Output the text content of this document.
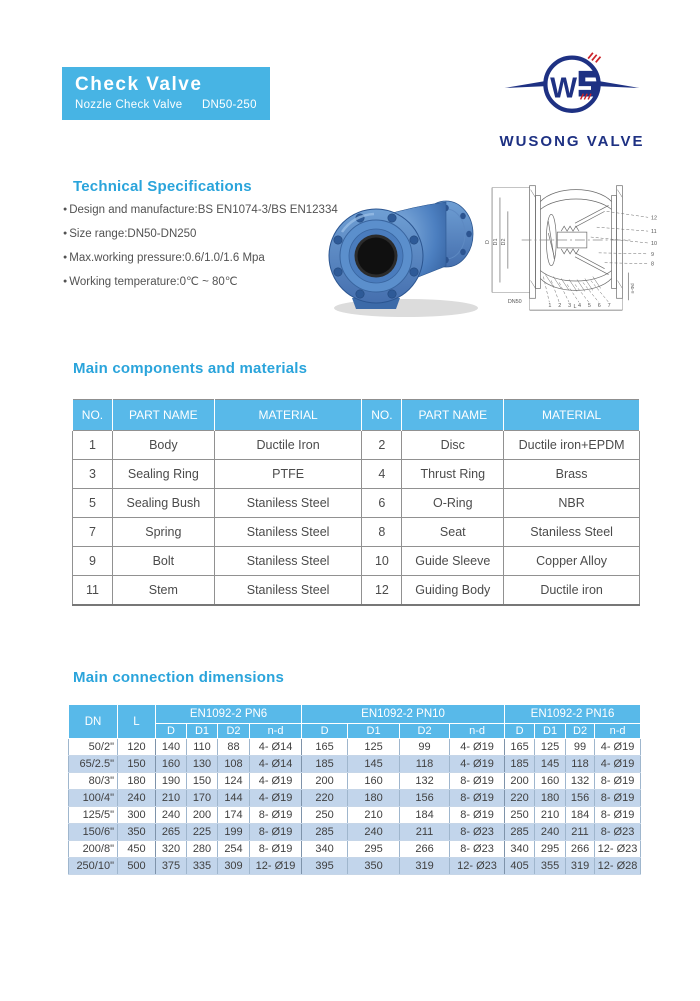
Check Valve
Nozzle Check Valve DN50-250
W
WUSONG VALVE
Technical Specifications
● Design and manufacture:BS EN1074-3/BS EN12334
● Size range:DN50-DN250
● Max.working pressure:0.6/1.0/1.6 Mpa
● Working temperature:0℃ ~ 80℃
D D1 D2
DN50
L
n-Φd
12
11
10
9
8
1 2 3 4 5 6 7
Main components and materials
NO.	PART NAME	MATERIAL	NO.	PART NAME	MATERIAL
1	Body	Ductile Iron	2	Disc	Ductile iron+EPDM
3	Sealing Ring	PTFE	4	Thrust Ring	Brass
5	Sealing Bush	Staniless Steel	6	O-Ring	NBR
7	Spring	Staniless Steel	8	Seat	Staniless Steel
9	Bolt	Staniless Steel	10	Guide Sleeve	Copper Alloy
11	Stem	Staniless Steel	12	Guiding Body	Ductile iron
Main connection dimensions
DN	L	EN1092-2 PN6				EN1092-2 PN10				EN1092-2 PN16			
		D	D1	D2	n-d	D	D1	D2	n-d	D	D1	D2	n-d
50/2"	120	140	110	88	4- Ø14	165	125	99	4- Ø19	165	125	99	4- Ø19
65/2.5"	150	160	130	108	4- Ø14	185	145	118	4- Ø19	185	145	118	4- Ø19
80/3"	180	190	150	124	4- Ø19	200	160	132	8- Ø19	200	160	132	8- Ø19
100/4"	240	210	170	144	4- Ø19	220	180	156	8- Ø19	220	180	156	8- Ø19
125/5"	300	240	200	174	8- Ø19	250	210	184	8- Ø19	250	210	184	8- Ø19
150/6"	350	265	225	199	8- Ø19	285	240	211	8- Ø23	285	240	211	8- Ø23
200/8"	450	320	280	254	8- Ø19	340	295	266	8- Ø23	340	295	266	12- Ø23
250/10"	500	375	335	309	12- Ø19	395	350	319	12- Ø23	405	355	319	12- Ø28
